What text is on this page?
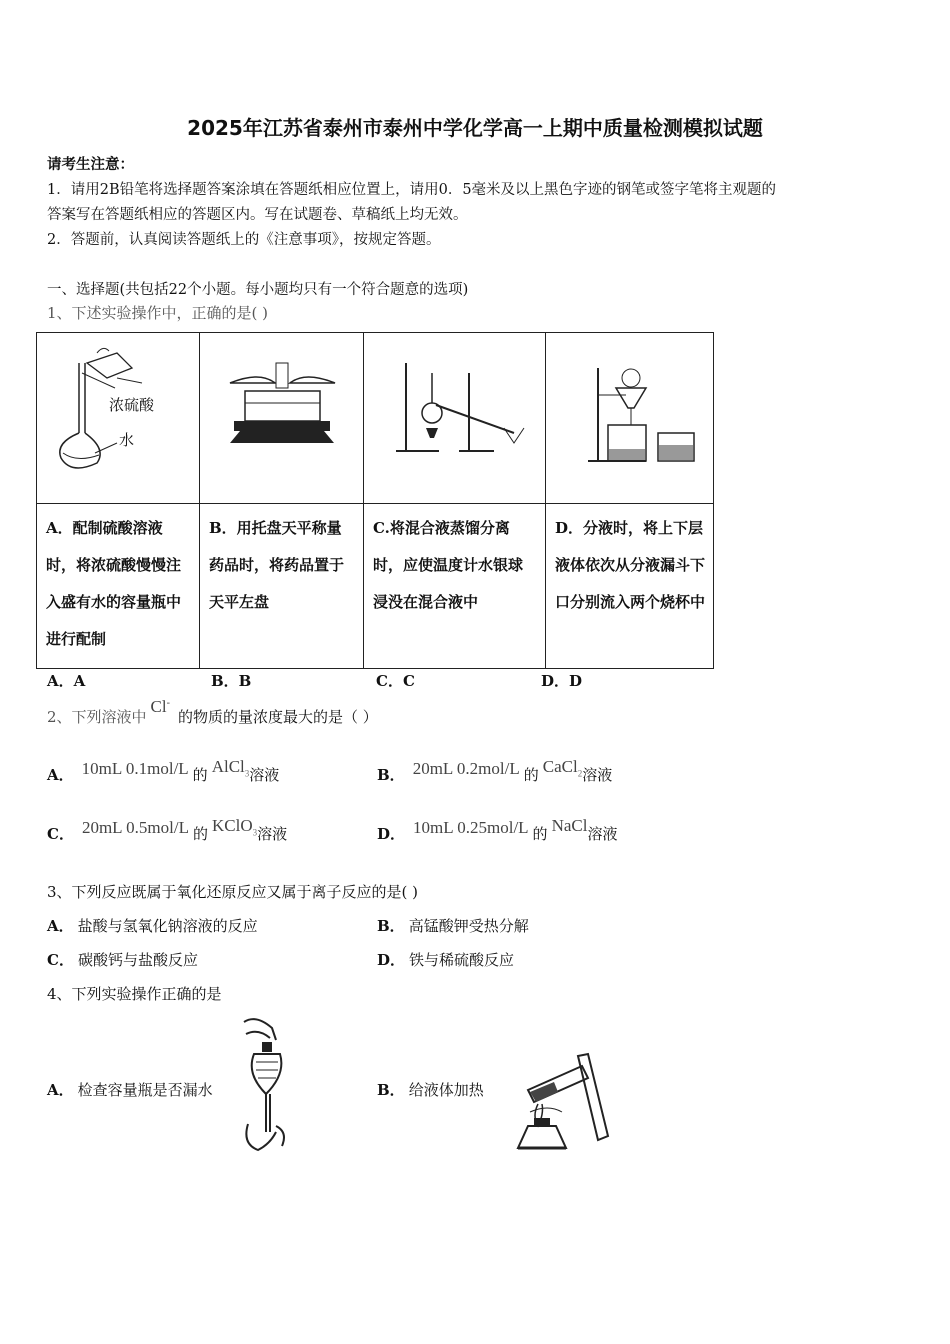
2025年江苏省泰州市泰州中学化学高一上期中质量检测模拟试题
请考生注意：
1．请用2B铅笔将选择题答案涂填在答题纸相应位置上，请用0．5毫米及以上黑色字迹的钢笔或签字笔将主观题的
答案写在答题纸相应的答题区内。写在试题卷、草稿纸上均无效。
2．答题前，认真阅读答题纸上的《注意事项》，按规定答题。
一、选择题(共包括22个小题。每小题均只有一个符合题意的选项)
1、下述实验操作中，正确的是( )
浓硫酸
水

A．配制硫酸溶液时，将浓硫酸慢慢注入盛有水的容量瓶中进行配制	B．用托盘天平称量药品时，将药品置于天平左盘	C.将混合液蒸馏分离时，应使温度计水银球浸没在混合液中	D．分液时，将上下层液体依次从分液漏斗下口分别流入两个烧杯中
A．A	B．B	C．C	D．D
2、下列溶液中Cl-的物质的量浓度最大的是（ ）
A． 10mL 0.1mol/L 的 AlCl$_3$溶液	B． 20mL 0.2mol/L 的 CaCl$_2$溶液
C． 20mL 0.5mol/L 的 KClO$_3$溶液	D． 10mL 0.25mol/L 的 NaCl溶液
3、下列反应既属于氧化还原反应又属于离子反应的是( )
A． 盐酸与氢氧化钠溶液的反应	B． 高锰酸钾受热分解
C． 碳酸钙与盐酸反应	D． 铁与稀硫酸反应
4、下列实验操作正确的是
A． 检查容量瓶是否漏水	B． 给液体加热
